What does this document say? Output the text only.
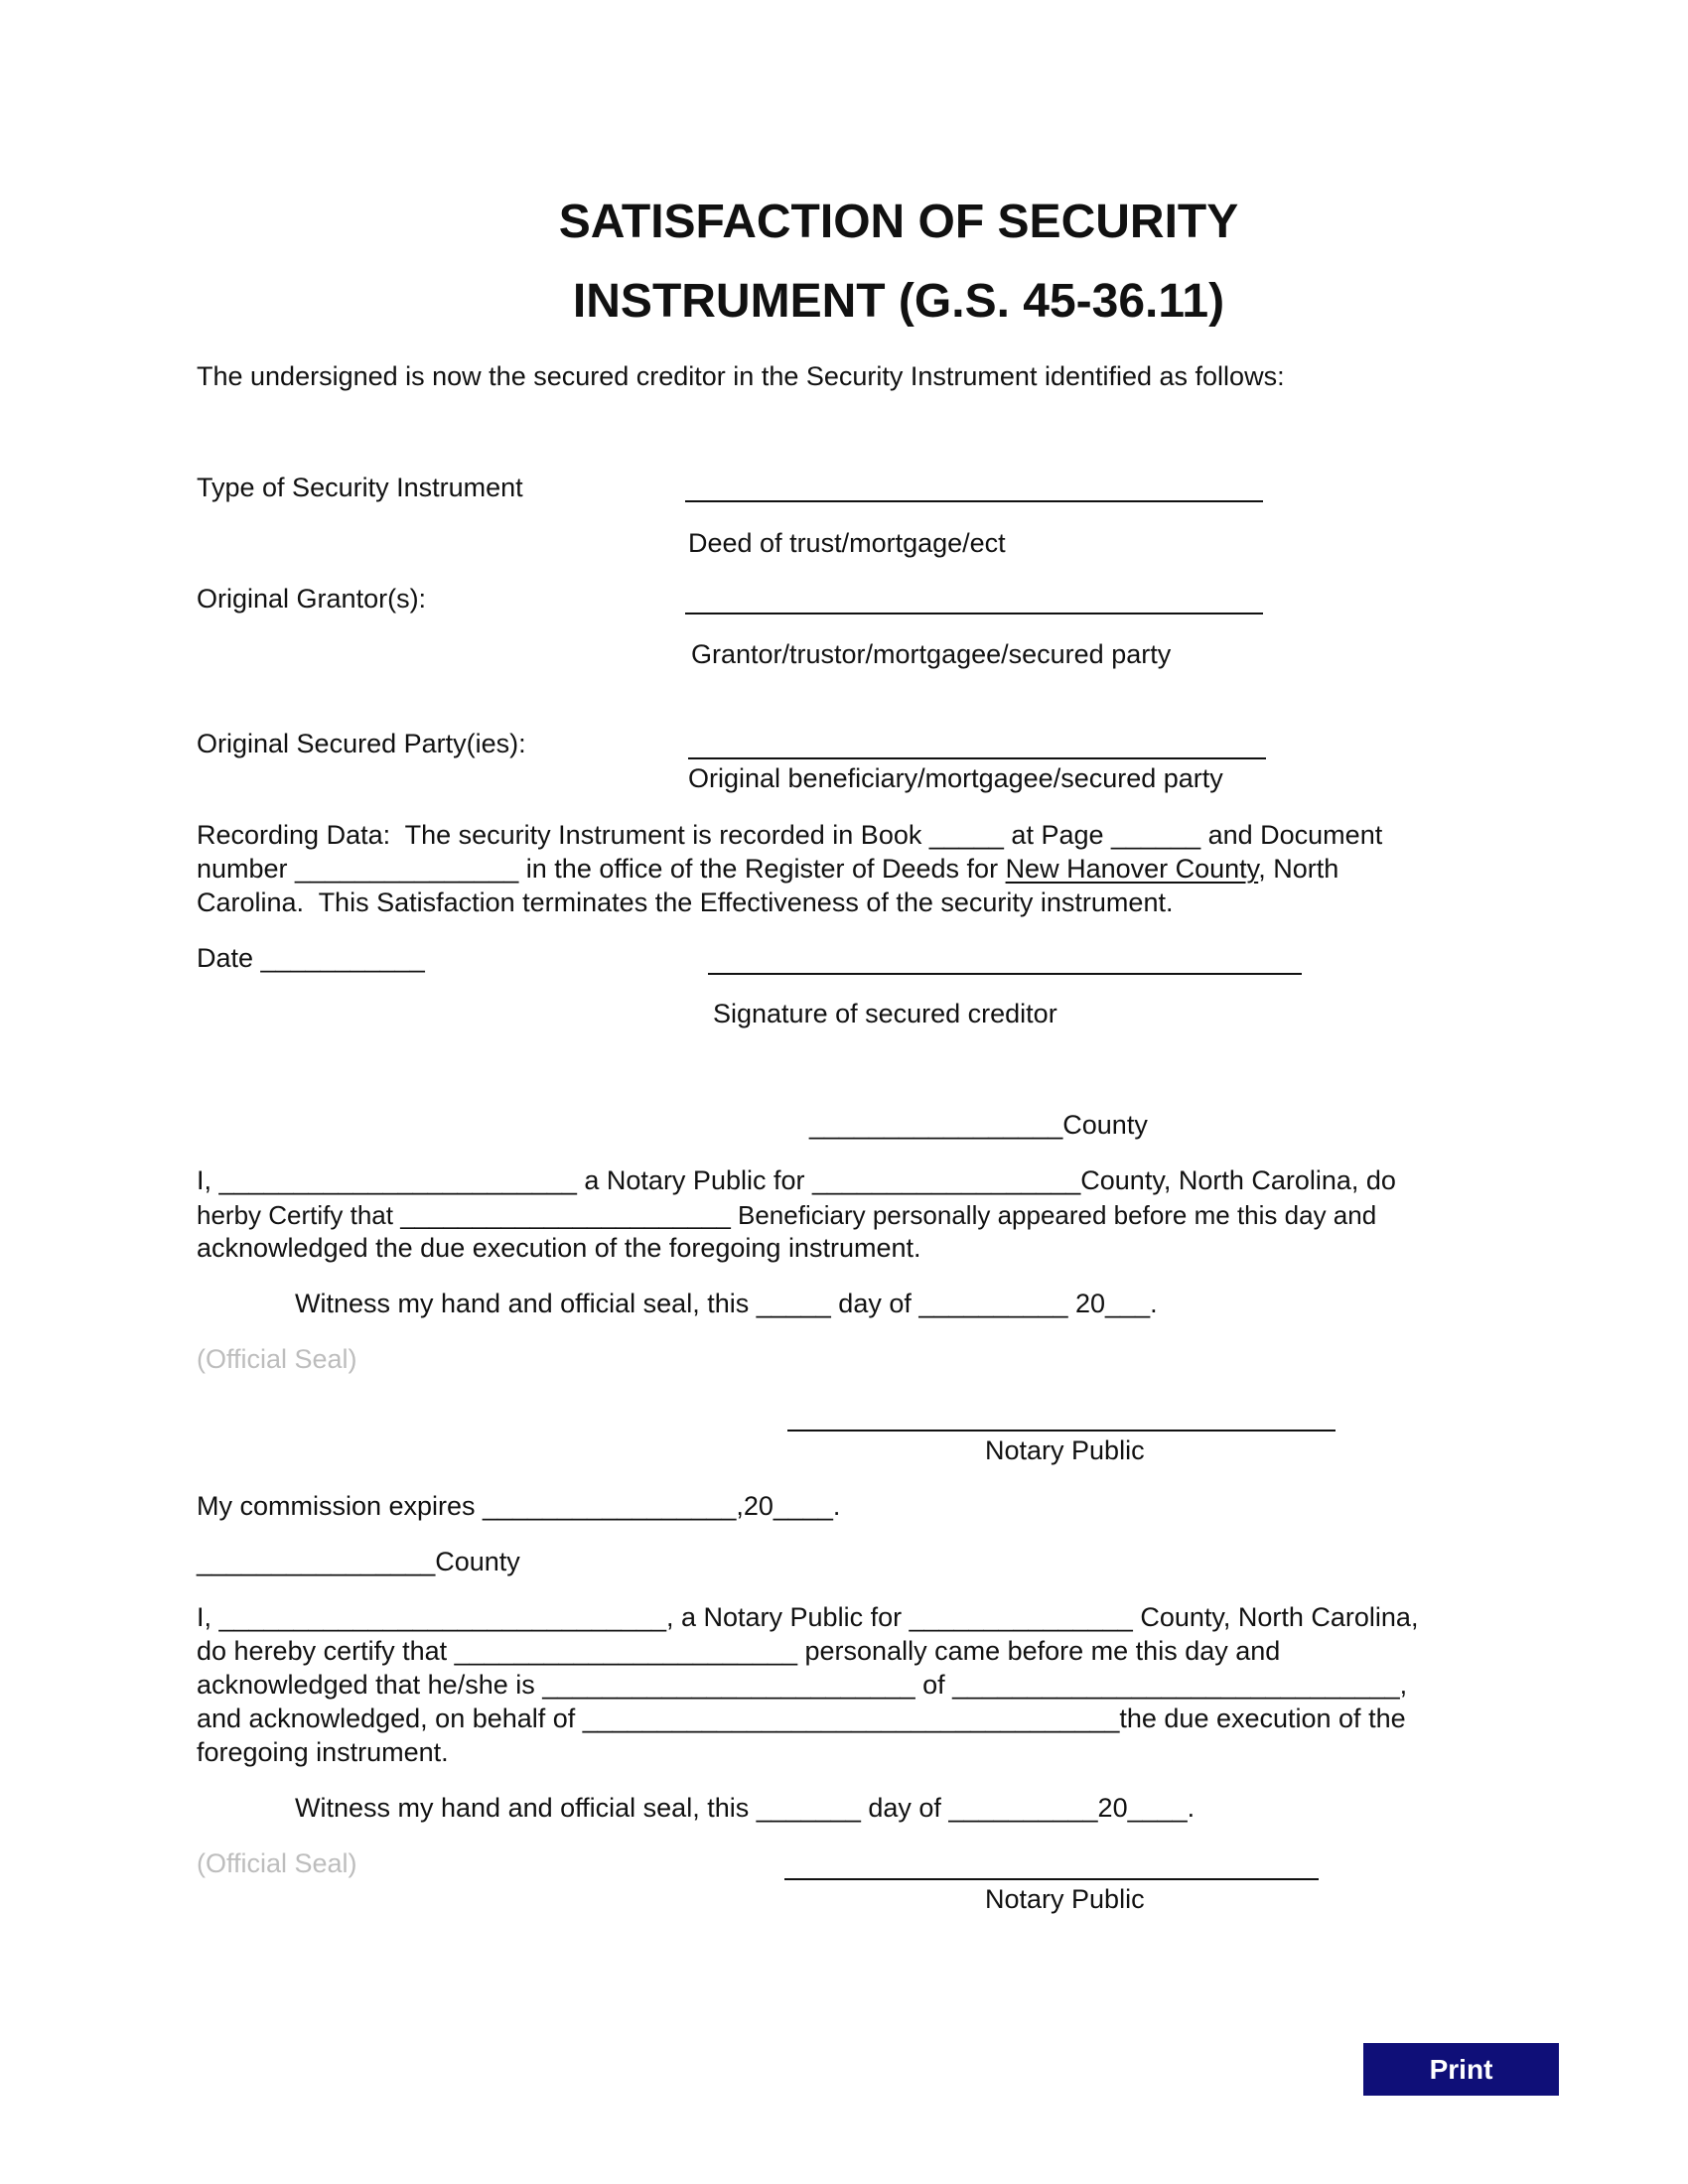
SATISFACTION OF SECURITY
INSTRUMENT (G.S. 45-36.11)
The undersigned is now the secured creditor in the Security Instrument identified as follows:
Type of Security Instrument
Deed of trust/mortgage/ect
Original Grantor(s):
Grantor/trustor/mortgagee/secured party
Original Secured Party(ies):
Original beneficiary/mortgagee/secured party
Recording Data:  The security Instrument is recorded in Book _____ at Page ______ and Document
number _______________ in the office of the Register of Deeds for New Hanover County, North
Carolina.  This Satisfaction terminates the Effectiveness of the security instrument.
Date ___________
Signature of secured creditor
_________________County
I, ________________________ a Notary Public for __________________County, North Carolina, do
herby Certify that _______________________ Beneficiary personally appeared before me this day and
acknowledged the due execution of the foregoing instrument.
Witness my hand and official seal, this _____ day of __________ 20___.
(Official Seal)
Notary Public
My commission expires _________________,20____.
________________County
I, ______________________________, a Notary Public for _______________ County, North Carolina,
do hereby certify that _______________________ personally came before me this day and
acknowledged that he/she is _________________________ of ______________________________,
and acknowledged, on behalf of ____________________________________the due execution of the
foregoing instrument.
Witness my hand and official seal, this _______ day of __________20____.
(Official Seal)
Notary Public
Print
